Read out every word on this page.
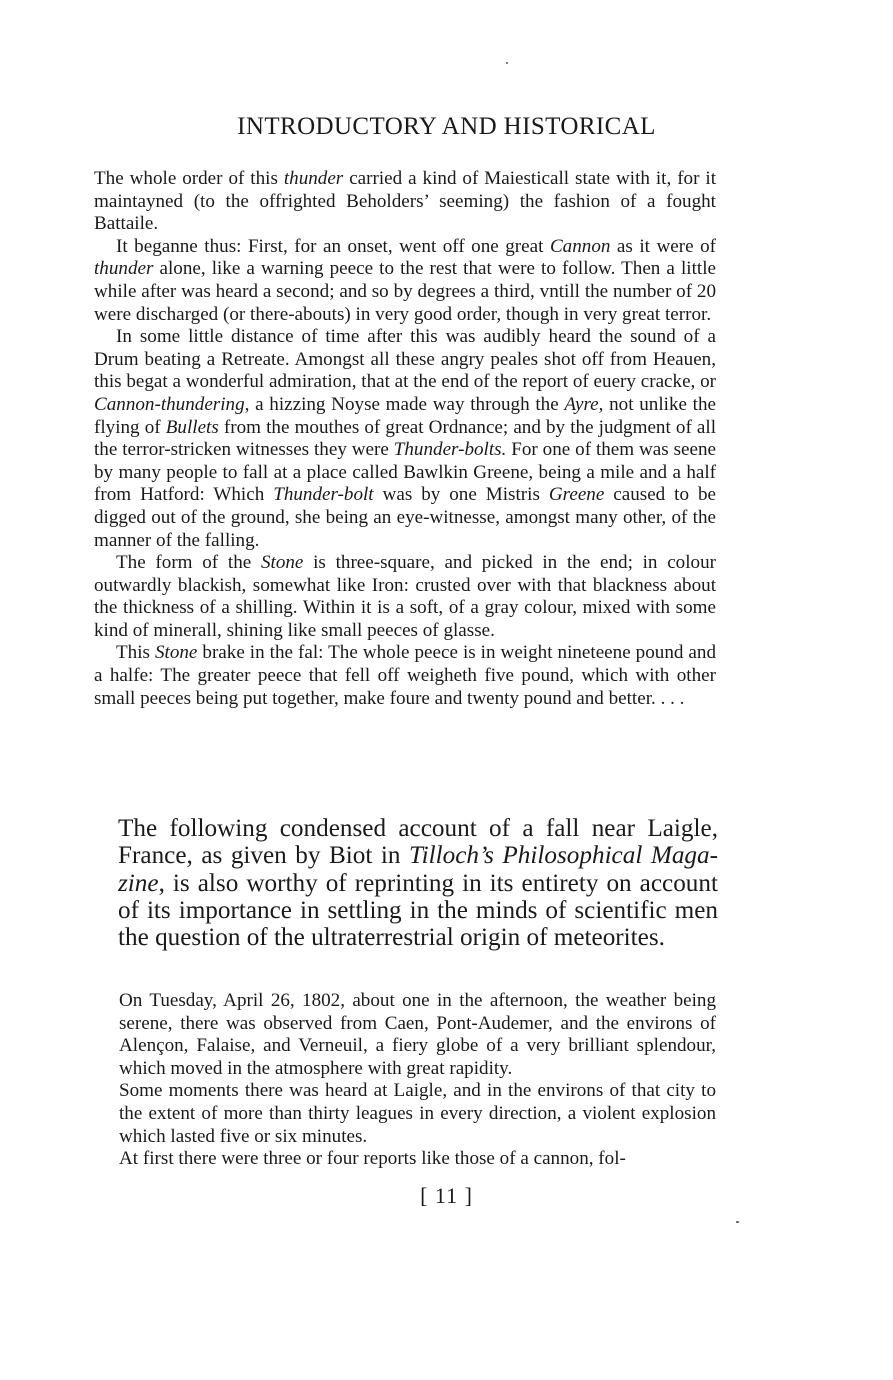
INTRODUCTORY AND HISTORICAL

The whole order of this thunder carried a kind of Maiesticall state with it, for it maintayned (to the offrighted Beholders’ seeming) the fashion of a fought Battaile.

It beganne thus: First, for an onset, went off one great Cannon as it were of thunder alone, like a warning peece to the rest that were to follow. Then a little while after was heard a second; and so by degrees a third, vntill the number of 20 were discharged (or there-abouts) in very good order, though in very great terror.

In some little distance of time after this was audibly heard the sound of a Drum beating a Retreate. Amongst all these angry peales shot off from Heauen, this begat a wonderful admiration, that at the end of the report of euery cracke, or Cannon-thundering, a hizzing Noyse made way through the Ayre, not unlike the flying of Bullets from the mouthes of great Ordnance; and by the judgment of all the terror-stricken witnesses they were Thunder-bolts. For one of them was seene by many people to fall at a place called Bawlkin Greene, being a mile and a half from Hatford: Which Thunder-bolt was by one Mistris Greene caused to be digged out of the ground, she being an eye-witnesse, amongst many other, of the manner of the falling.

The form of the Stone is three-square, and picked in the end; in colour outwardly blackish, somewhat like Iron: crusted over with that blackness about the thickness of a shilling. Within it is a soft, of a gray colour, mixed with some kind of minerall, shining like small peeces of glasse.

This Stone brake in the fal: The whole peece is in weight nineteene pound and a halfe: The greater peece that fell off weigheth five pound, which with other small peeces being put together, make foure and twenty pound and better. . . .

The following condensed account of a fall near Laigle, France, as given by Biot in Tilloch’s Philosophical Maga-zine, is also worthy of reprinting in its entirety on account of its importance in settling in the minds of scientific men the question of the ultraterrestrial origin of meteorites.

On Tuesday, April 26, 1802, about one in the afternoon, the weather being serene, there was observed from Caen, Pont-Audemer, and the environs of Alençon, Falaise, and Verneuil, a fiery globe of a very brilliant splendour, which moved in the atmosphere with great rapidity.

Some moments there was heard at Laigle, and in the environs of that city to the extent of more than thirty leagues in every direction, a violent explosion which lasted five or six minutes.

At first there were three or four reports like those of a cannon, fol-

[ 11 ]
